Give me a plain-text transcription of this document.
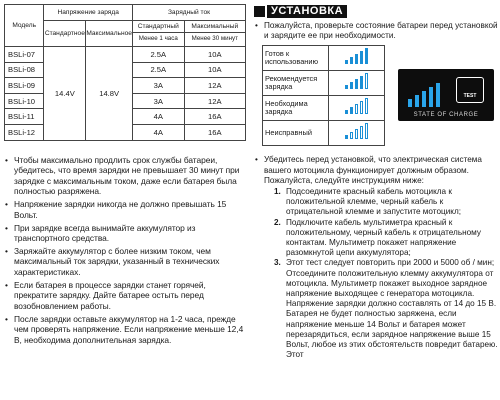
Модель	Напряжение заряда		Зарядный ток	
	Стандартное	Максимальное	Стандартный	Максимальный
			Менее 1 часа	Менее 30 минут
BSLi-07	14.4V	14.8V	2.5A	10A
BSLi-08			2.5A	10A
BSLi-09			3A	12A
BSLi-10			3A	12A
BSLi-11			4A	16A
BSLi-12			4A	16A
• Чтобы максимально продлить срок службы батареи, убедитесь, что время зарядки не превышает 30 минут при зарядке с максимальным током, даже если батарея была полностью разряжена.
• Напряжение зарядки никогда не должно превышать 15 Вольт.
• При зарядке всегда вынимайте аккумулятор из транспортного средства.
• Заряжайте аккумулятор с более низким током, чем максимальный ток зарядки, указанный в технических характеристиках.
• Если батарея в процессе зарядки станет горячей, прекратите зарядку. Дайте батарее остыть перед возобновлением работы.
• После зарядки оставьте аккумулятор на 1-2 часа, прежде чем проверять напряжение. Если напряжение меньше 12,4 В, необходима дополнительная зарядка.
УСТАНОВКА

• Пожалуйста, проверьте состояние батареи перед установкой и зарядите ее при необходимости.

Готов к использованию	

Рекомендуется зарядка	

Необходима зарядка	

Неисправный	
TEST
STATE OF CHARGE
• Убедитесь перед установкой, что электрическая система вашего мотоцикла функционирует должным образом. Пожалуйста, следуйте инструкциям ниже:
1. Подсоедините красный кабель мотоцикла к положительной клемме, черный кабель к отрицательной клемме и запустите мотоцикл;
2. Подключите кабель мультиметра красный к положительному, черный кабель к отрицательному контактам. Мультиметр покажет напряжение разомкнутой цепи аккумулятора;
3. Этот тест следует повторить при 2000 и 5000 об / мин; Отсоедините положительную клемму аккумулятора от мотоцикла. Мультиметр покажет выходное зарядное напряжение выходящее с генератора мотоцикла. Напряжение зарядки должно составлять от 14 до 15 В. Батарея не будет полностью заряжена, если напряжение меньше 14 Вольт и батарея может перезарядиться, если зарядное напряжение выше 15 Вольт, любое из этих обстоятельств повредит батарею. Этот
